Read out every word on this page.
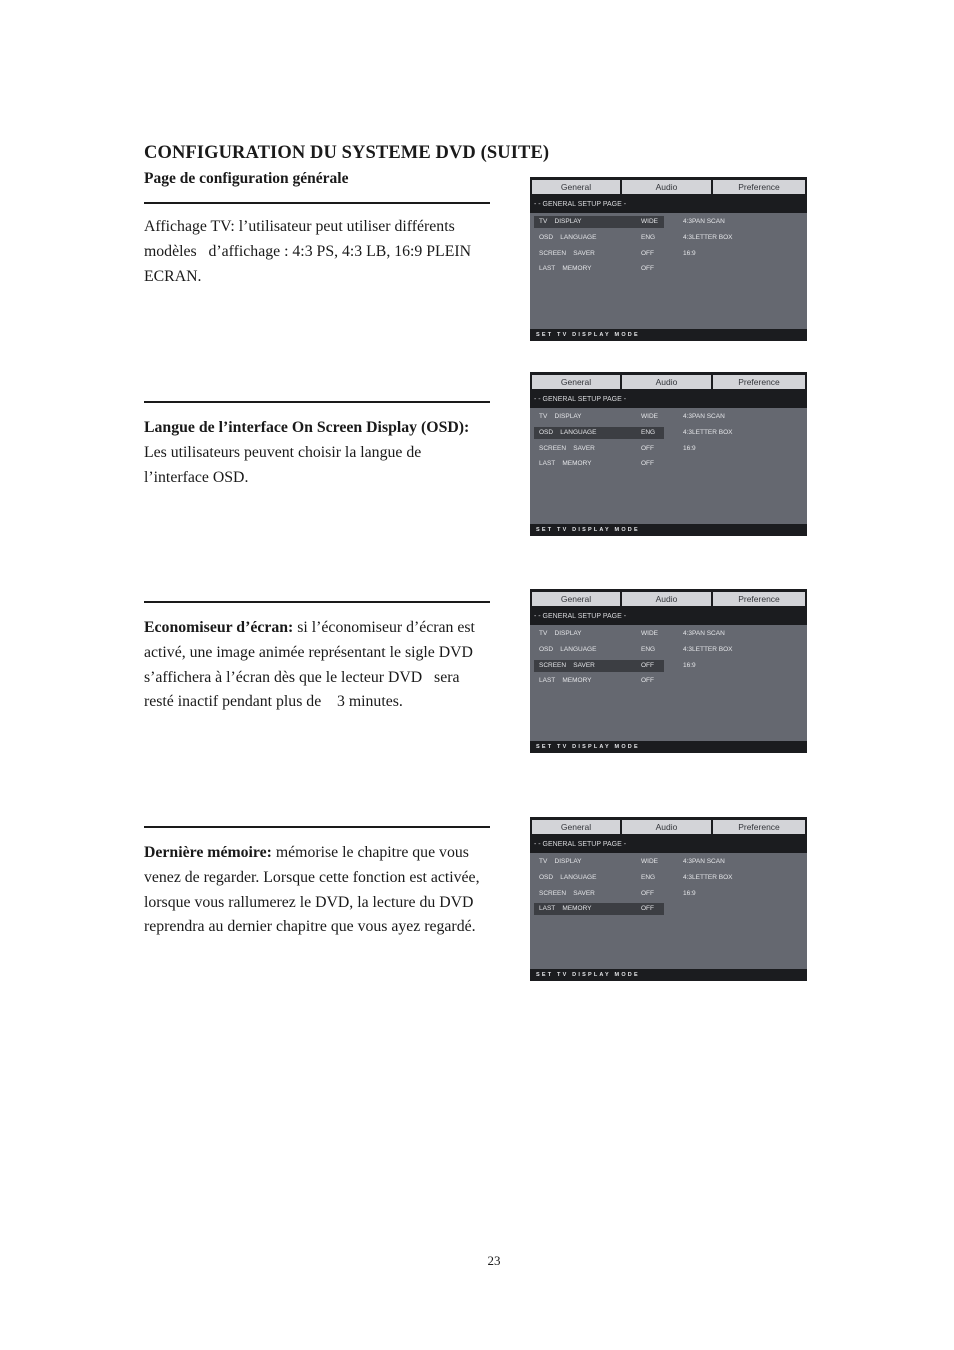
CONFIGURATION DU SYSTEME DVD (SUITE)
Page de configuration générale

Affichage TV: l’utilisateur peut utiliser différents
modèles   d’affichage : 4:3 PS, 4:3 LB, 16:9 PLEIN
ECRAN.

Langue de l’interface On Screen Display (OSD):
Les utilisateurs peuvent choisir la langue de
l’interface OSD.

Economiseur d’écran: si l’économiseur d’écran est
activé, une image animée représentant le sigle DVD
s’affichera à l’écran dès que le lecteur DVD   sera
resté inactif pendant plus de    3 minutes.

Dernière mémoire: mémorise le chapitre que vous
venez de regarder. Lorsque cette fonction est activée,
lorsque vous rallumerez le DVD, la lecture du DVD
reprendra au dernier chapitre que vous ayez regardé.

General	Audio	Preference
- - GENERAL SETUP PAGE -
TV    DISPLAY	WIDE	4:3PAN SCAN
OSD    LANGUAGE	ENG	4:3LETTER BOX
SCREEN    SAVER	OFF	16:9
LAST    MEMORY	OFF
SET TV DISPLAY MODE
General	Audio	Preference
- - GENERAL SETUP PAGE -
TV    DISPLAY	WIDE	4:3PAN SCAN
OSD    LANGUAGE	ENG	4:3LETTER BOX
SCREEN    SAVER	OFF	16:9
LAST    MEMORY	OFF
SET TV DISPLAY MODE
General	Audio	Preference
- - GENERAL SETUP PAGE -
TV    DISPLAY	WIDE	4:3PAN SCAN
OSD    LANGUAGE	ENG	4:3LETTER BOX
SCREEN    SAVER	OFF	16:9
LAST    MEMORY	OFF
SET TV DISPLAY MODE
General	Audio	Preference
- - GENERAL SETUP PAGE -
TV    DISPLAY	WIDE	4:3PAN SCAN
OSD    LANGUAGE	ENG	4:3LETTER BOX
SCREEN    SAVER	OFF	16:9
LAST    MEMORY	OFF
SET TV DISPLAY MODE
23
